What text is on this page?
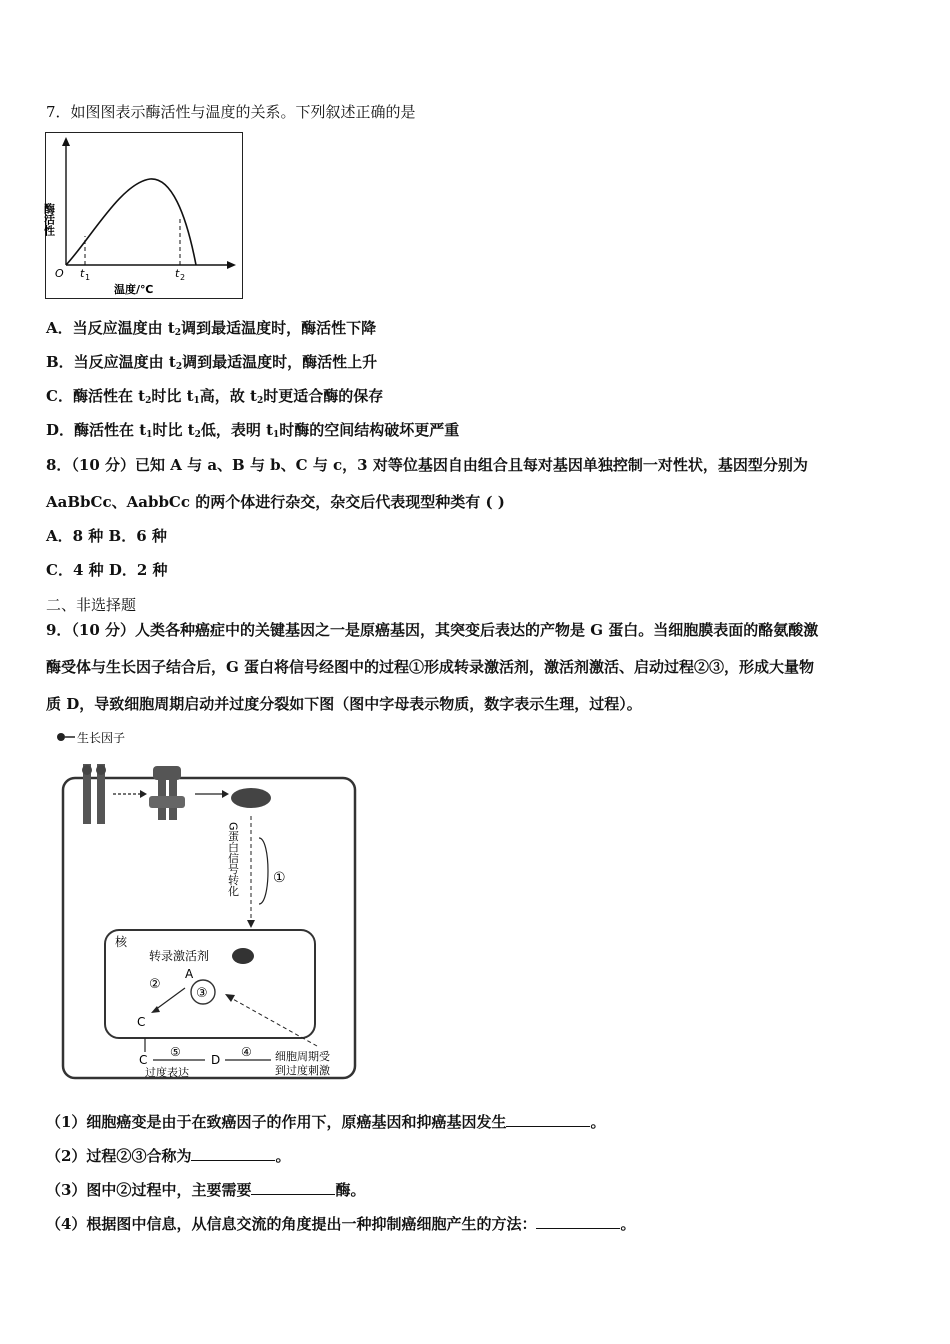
7．如图图表示酶活性与温度的关系。下列叙述正确的是
酶活性
O t 1	t 2
温度/℃
A．当反应温度由 $t_2$调到最适温度时，酶活性下降
B．当反应温度由 $t_2$调到最适温度时，酶活性上升
C．酶活性在 $t_2$时比 $t_1$高，故 $t_2$时更适合酶的保存
D．酶活性在 $t_1$时比 $t_2$低，表明 $t_1$时酶的空间结构破坏更严重
8．（10 分）已知 A 与 a、B 与 b、C 与 c，3 对等位基因自由组合且每对基因单独控制一对性状，基因型分别为
AaBbCc、AabbCc 的两个体进行杂交，杂交后代表现型种类有 ( )
A．8 种 B．6 种
C．4 种 D．2 种
二、非选择题
9．（10 分）人类各种癌症中的关键基因之一是原癌基因，其突变后表达的产物是 G 蛋白。当细胞膜表面的酪氨酸激
酶受体与生长因子结合后，G 蛋白将信号经图中的过程①形成转录激活剂，激活剂激活、启动过程②③，形成大量物
质 D，导致细胞周期启动并过度分裂如下图（图中字母表示物质，数字表示生理，过程）。
生长因子
G蛋白信号转化 ①
核
转录激活剂
A
③
②
C
C
⑤
过度表达
D
④ 细胞周期受
到过度刺激
（1）细胞癌变是由于在致癌因子的作用下，原癌基因和抑癌基因发生	。
（2）过程②③合称为	。
（3）图中②过程中，主要需要	酶。
（4）根据图中信息，从信息交流的角度提出一种抑制癌细胞产生的方法：	。
